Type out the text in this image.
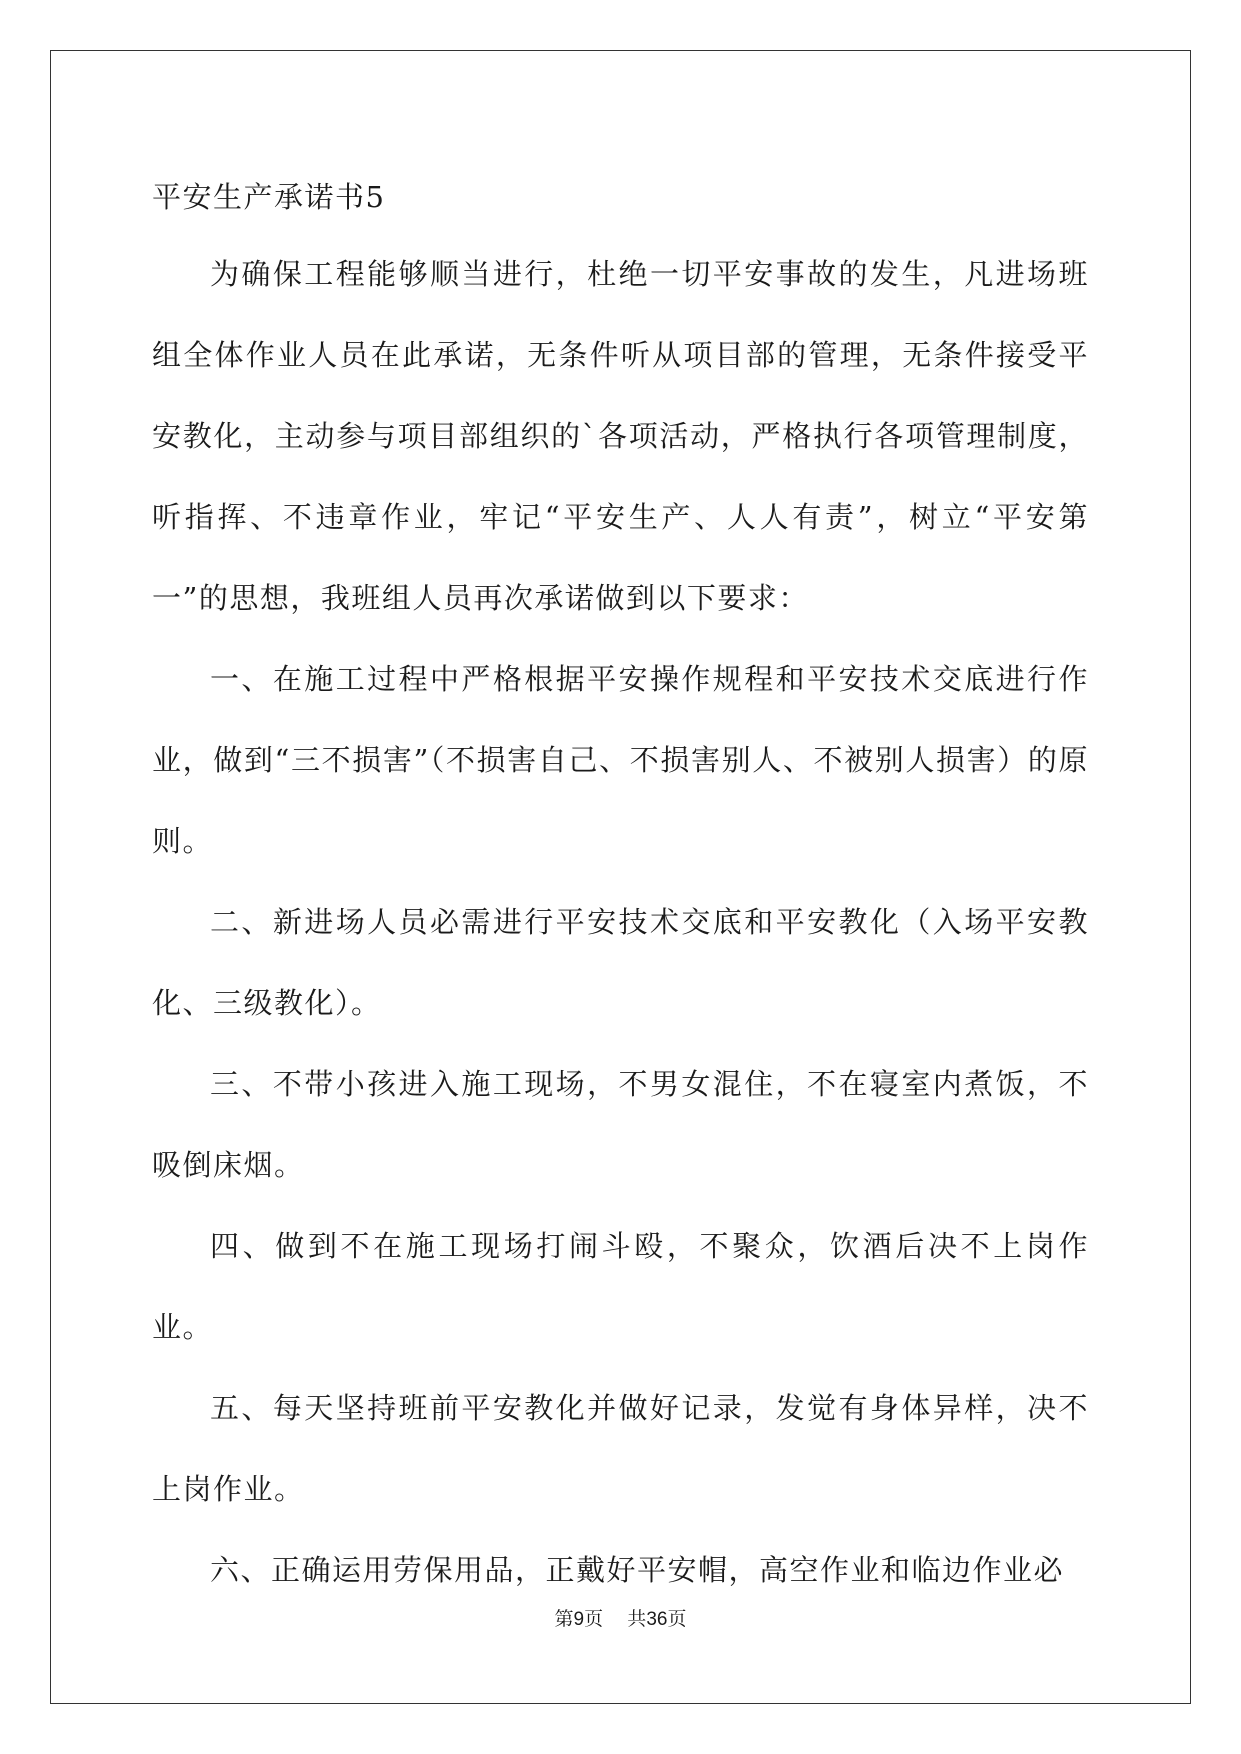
平安生产承诺书5

为确保工程能够顺当进行，杜绝一切平安事故的发生，凡进场班组全体作业人员在此承诺，无条件听从项目部的管理，无条件接受平安教化，主动参与项目部组织的`各项活动，严格执行各项管理制度，听指挥、不违章作业，牢记“平安生产、人人有责”，树立“平安第一”的思想，我班组人员再次承诺做到以下要求：

一、在施工过程中严格根据平安操作规程和平安技术交底进行作业，做到“三不损害”（不损害自己、不损害别人、不被别人损害）的原则。

二、新进场人员必需进行平安技术交底和平安教化（入场平安教化、三级教化）。

三、不带小孩进入施工现场，不男女混住，不在寝室内煮饭，不吸倒床烟。

四、做到不在施工现场打闹斗殴，不聚众，饮酒后决不上岗作业。

五、每天坚持班前平安教化并做好记录，发觉有身体异样，决不上岗作业。

六、正确运用劳保用品，正戴好平安帽，高空作业和临边作业必

第9页 共36页
